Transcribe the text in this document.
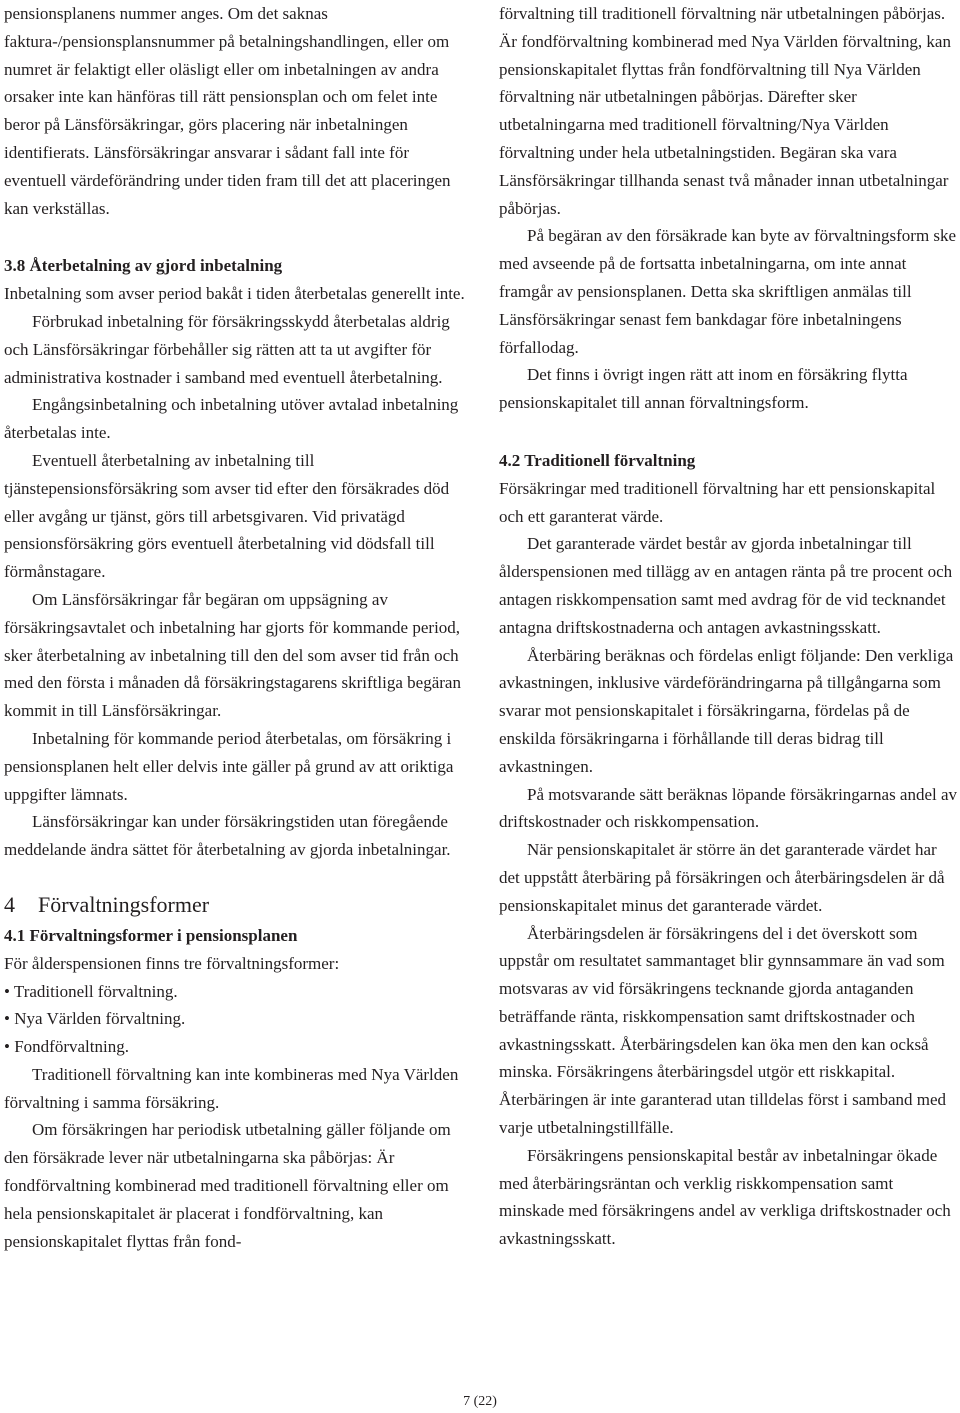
pensionsplanens nummer anges. Om det saknas faktura-/pensionsplansnummer på betalningshandlingen, eller om numret är felaktigt eller oläsligt eller om inbetalningen av andra orsaker inte kan hänföras till rätt pensionsplan och om felet inte beror på Länsförsäkringar, görs placering när inbetalningen identifierats. Länsförsäkringar ansvarar i sådant fall inte för eventuell värdeförändring under tiden fram till det att placeringen kan verkställas.

3.8 Återbetalning av gjord inbetalning

Inbetalning som avser period bakåt i tiden återbetalas generellt inte.

Förbrukad inbetalning för försäkringsskydd återbetalas aldrig och Länsförsäkringar förbehåller sig rätten att ta ut avgifter för administrativa kostnader i samband med eventuell återbetalning.

Engångsinbetalning och inbetalning utöver avtalad inbetalning återbetalas inte.

Eventuell återbetalning av inbetalning till tjänstepensionsförsäkring som avser tid efter den försäkrades död eller avgång ur tjänst, görs till arbetsgivaren. Vid privatägd pensionsförsäkring görs eventuell återbetalning vid dödsfall till förmånstagare.

Om Länsförsäkringar får begäran om uppsägning av försäkringsavtalet och inbetalning har gjorts för kommande period, sker återbetalning av inbetalning till den del som avser tid från och med den första i månaden då försäkringstagarens skriftliga begäran kommit in till Länsförsäkringar.

Inbetalning för kommande period återbetalas, om försäkring i pensionsplanen helt eller delvis inte gäller på grund av att oriktiga uppgifter lämnats.

Länsförsäkringar kan under försäkringstiden utan föregående meddelande ändra sättet för återbetalning av gjorda inbetalningar.

4 Förvaltningsformer

4.1 Förvaltningsformer i pensionsplanen

För ålderspensionen finns tre förvaltningsformer:

• Traditionell förvaltning.

• Nya Världen förvaltning.

• Fondförvaltning.

Traditionell förvaltning kan inte kombineras med Nya Världen förvaltning i samma försäkring.

Om försäkringen har periodisk utbetalning gäller följande om den försäkrade lever när utbetalningarna ska påbörjas: Är fondförvaltning kombinerad med traditionell förvaltning eller om hela pensionskapitalet är placerat i fondförvaltning, kan pensionskapitalet flyttas från fond-

förvaltning till traditionell förvaltning när utbetalningen påbörjas. Är fondförvaltning kombinerad med Nya Världen förvaltning, kan pensionskapitalet flyttas från fondförvaltning till Nya Världen förvaltning när utbetalningen påbörjas. Därefter sker utbetalningarna med traditionell förvaltning/Nya Världen förvaltning under hela utbetalningstiden. Begäran ska vara Länsförsäkringar tillhanda senast två månader innan utbetalningar påbörjas.

På begäran av den försäkrade kan byte av förvaltningsform ske med avseende på de fortsatta inbetalningarna, om inte annat framgår av pensionsplanen. Detta ska skriftligen anmälas till Länsförsäkringar senast fem bankdagar före inbetalningens förfallodag.

Det finns i övrigt ingen rätt att inom en försäkring flytta pensionskapitalet till annan förvaltningsform.

4.2 Traditionell förvaltning

Försäkringar med traditionell förvaltning har ett pensionskapital och ett garanterat värde.

Det garanterade värdet består av gjorda inbetalningar till ålderspensionen med tillägg av en antagen ränta på tre procent och antagen riskkompensation samt med avdrag för de vid tecknandet antagna driftskostnaderna och antagen avkastningsskatt.

Återbäring beräknas och fördelas enligt följande: Den verkliga avkastningen, inklusive värdeförändringarna på tillgångarna som svarar mot pensionskapitalet i försäkringarna, fördelas på de enskilda försäkringarna i förhållande till deras bidrag till avkastningen.

På motsvarande sätt beräknas löpande försäkringarnas andel av driftskostnader och riskkompensation.

När pensionskapitalet är större än det garanterade värdet har det uppstått återbäring på försäkringen och återbäringsdelen är då pensionskapitalet minus det garanterade värdet.

Återbäringsdelen är försäkringens del i det överskott som uppstår om resultatet sammantaget blir gynnsammare än vad som motsvaras av vid försäkringens tecknande gjorda antaganden beträffande ränta, riskkompensation samt driftskostnader och avkastningsskatt. Återbäringsdelen kan öka men den kan också minska. Försäkringens återbäringsdel utgör ett riskkapital. Återbäringen är inte garanterad utan tilldelas först i samband med varje utbetalningstillfälle.

Försäkringens pensionskapital består av inbetalningar ökade med återbäringsräntan och verklig riskkompensation samt minskade med försäkringens andel av verkliga driftskostnader och avkastningsskatt.

7 (22)
